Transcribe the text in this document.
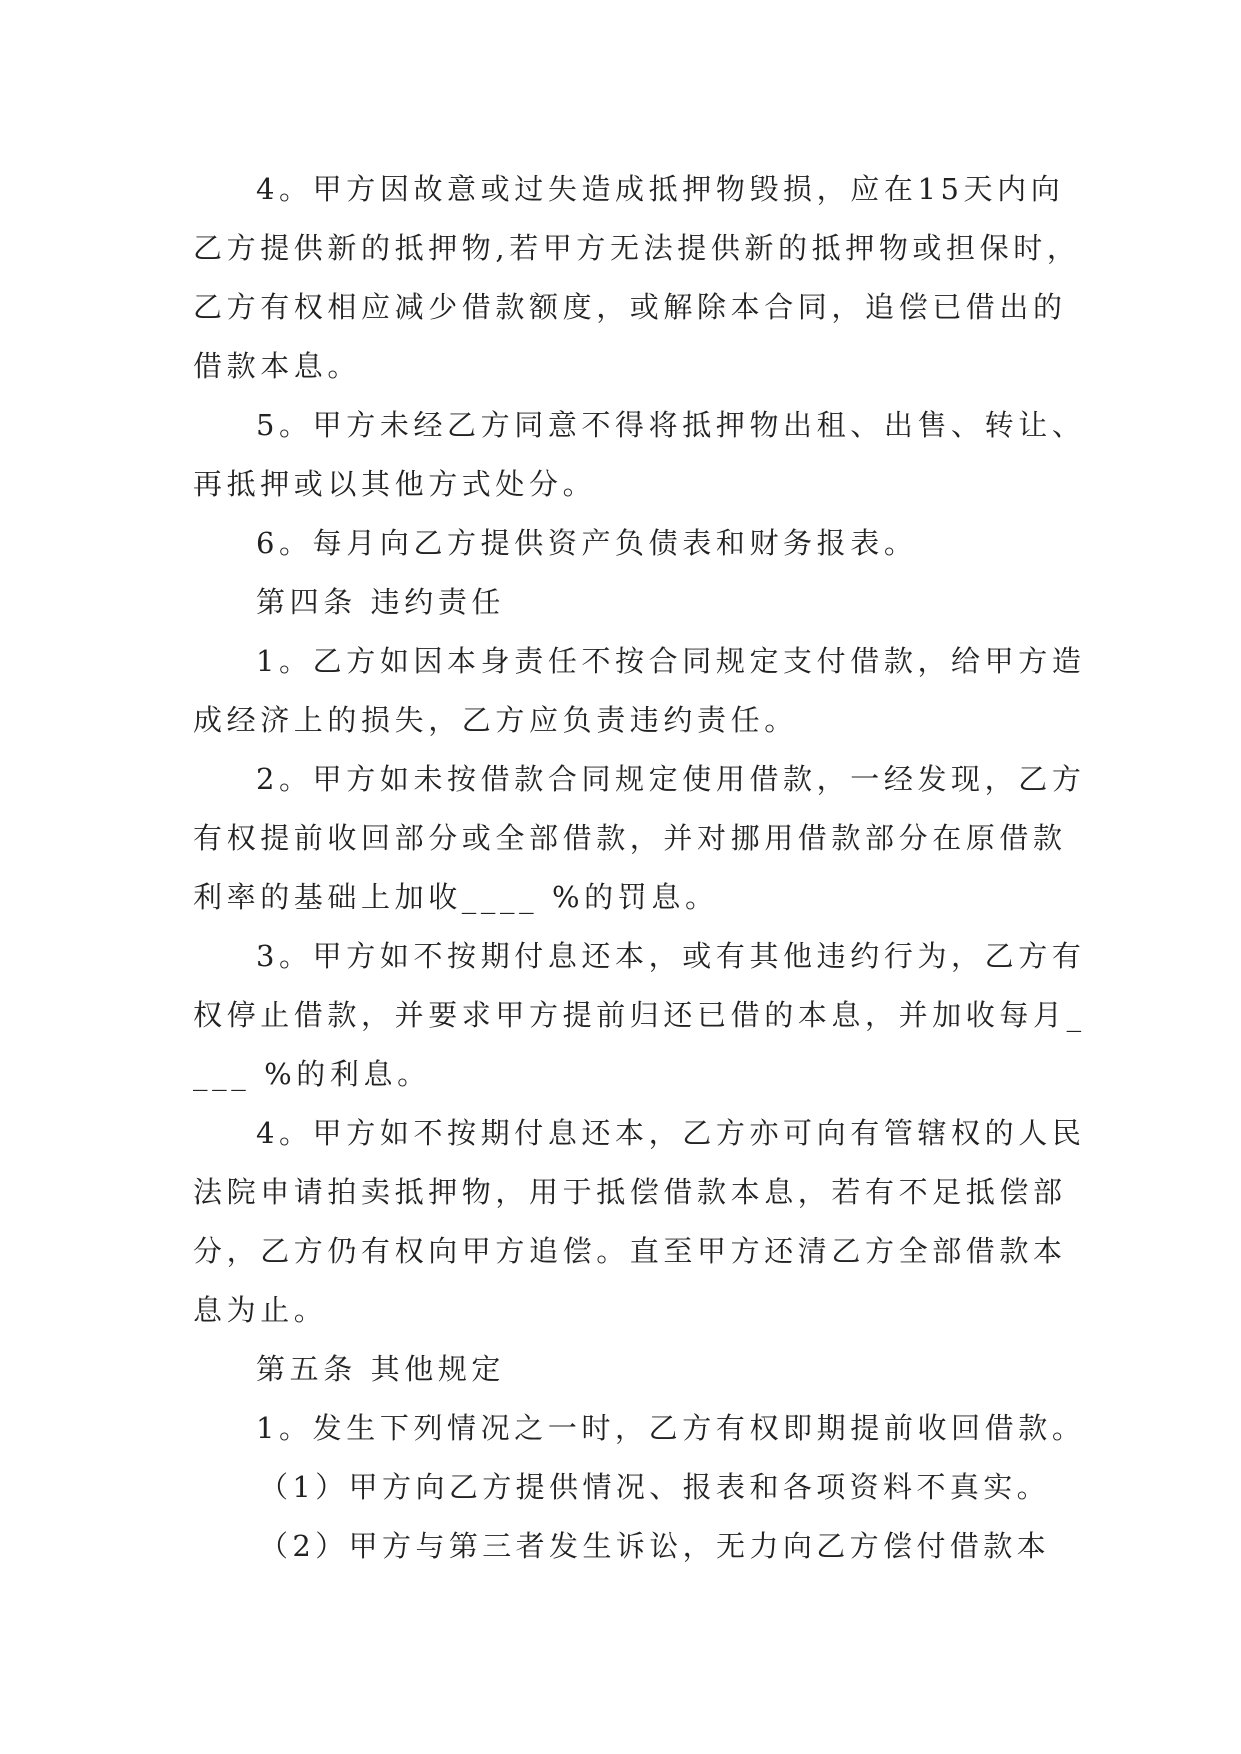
4。甲方因故意或过失造成抵押物毁损，应在15天内向乙方提供新的抵押物,若甲方无法提供新的抵押物或担保时，乙方有权相应减少借款额度，或解除本合同，追偿已借出的借款本息。

5。甲方未经乙方同意不得将抵押物出租、出售、转让、再抵押或以其他方式处分。

6。每月向乙方提供资产负债表和财务报表。

第四条 违约责任

1。乙方如因本身责任不按合同规定支付借款，给甲方造成经济上的损失，乙方应负责违约责任。

2。甲方如未按借款合同规定使用借款，一经发现，乙方有权提前收回部分或全部借款，并对挪用借款部分在原借款利率的基础上加收____ %的罚息。

3。甲方如不按期付息还本，或有其他违约行为，乙方有权停止借款，并要求甲方提前归还已借的本息，并加收每月____ %的利息。

4。甲方如不按期付息还本，乙方亦可向有管辖权的人民法院申请拍卖抵押物，用于抵偿借款本息，若有不足抵偿部分，乙方仍有权向甲方追偿。直至甲方还清乙方全部借款本息为止。

第五条 其他规定

1。发生下列情况之一时，乙方有权即期提前收回借款。

（1）甲方向乙方提供情况、报表和各项资料不真实。

（2）甲方与第三者发生诉讼，无力向乙方偿付借款本
